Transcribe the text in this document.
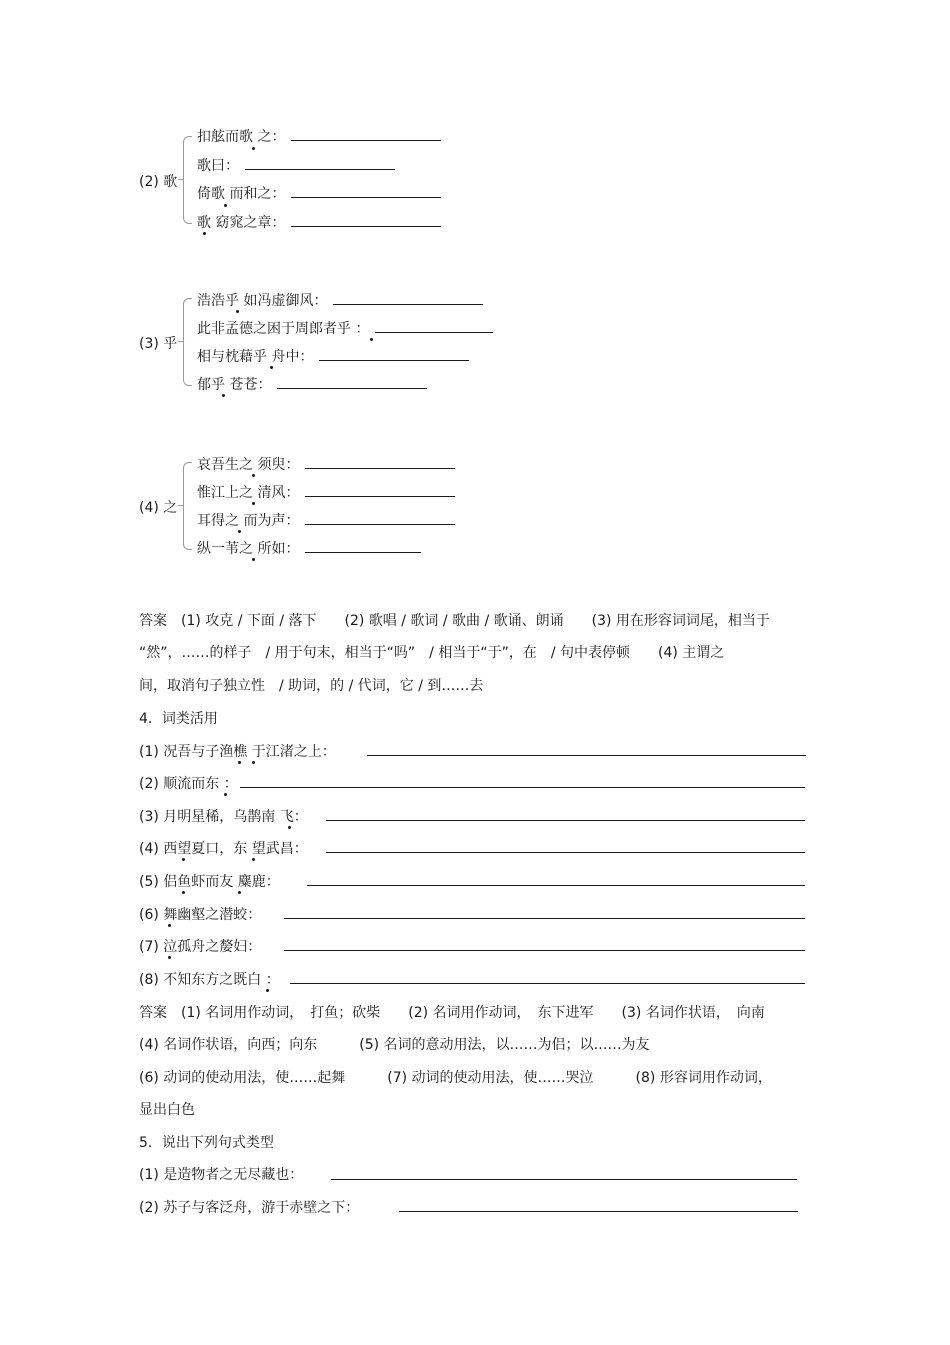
(2) 歌
扣舷而歌 之：
歌曰：
倚歌 而和之：
歌 窈窕之章：
(3) 乎
浩浩乎 如冯虚御风：
此非孟德之困于周郎者乎 ：
相与枕藉乎 舟中：
郁乎 苍苍：
(4) 之
哀吾生之 须臾：
惟江上之 清风：
耳得之 而为声：
纵一苇之 所如：
答案　(1) 攻克 / 下面 / 落下　　(2) 歌唱 / 歌词 / 歌曲 / 歌诵、朗诵　　(3) 用在形容词词尾，相当于
“然”，……的样子　/ 用于句末，相当于“吗”　/ 相当于“于”，在　/ 句中表停顿　　(4) 主谓之
间，取消句子独立性　/ 助词，的 / 代词，它 / 到……去
4．词类活用
(1) 况吾与子渔樵 于江渚之上：
(2) 顺流而东 ：
(3) 月明星稀，乌鹊南 飞：
(4) 西望夏口，东 望武昌：
(5) 侣鱼虾而友 麋鹿：
(6) 舞幽壑之潜蛟：
(7) 泣孤舟之嫠妇：
(8) 不知东方之既白 ：
答案　(1) 名词用作动词，　打鱼；砍柴　　(2) 名词用作动词，　东下进军　　(3) 名词作状语，　向南
(4) 名词作状语，向西；向东　　　(5) 名词的意动用法，以……为侣；以……为友
(6) 动词的使动用法，使……起舞　　　(7) 动词的使动用法，使……哭泣　　　(8) 形容词用作动词，
显出白色
5．说出下列句式类型
(1) 是造物者之无尽藏也：
(2) 苏子与客泛舟，游于赤壁之下：
